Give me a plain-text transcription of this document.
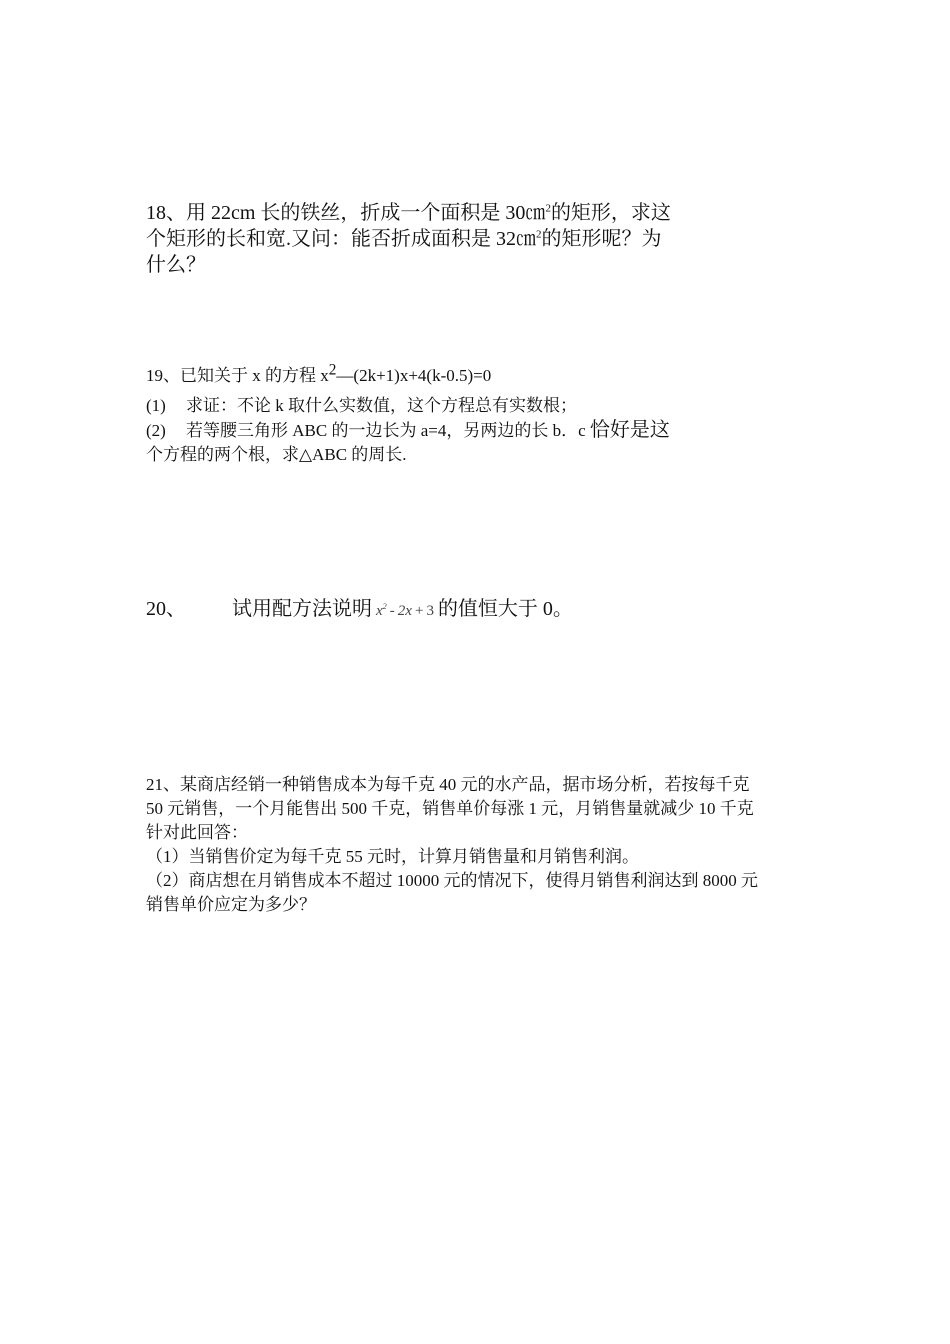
18、用 22cm 长的铁丝，折成一个面积是 30㎝$^2$的矩形，求这
个矩形的长和宽.又问：能否折成面积是 32㎝$^2$的矩形呢？为
什么？
19、已知关于 x 的方程 $x^2—(2k+1)x+4(k-0.5)=0$
(1) 求证：不论 k 取什么实数值，这个方程总有实数根；
(2) 若等腰三角形 ABC 的一边长为 a=4，另两边的长 b．c 恰好是这
个方程的两个根，求△ABC 的周长.
20、 试用配方法说明 $x^2 - 2x + 3$ 的值恒大于 0。
21、某商店经销一种销售成本为每千克 40 元的水产品，据市场分析，若按每千克
50 元销售，一个月能售出 500 千克，销售单价每涨 1 元，月销售量就减少 10 千克
针对此回答：
（1）当销售价定为每千克 55 元时，计算月销售量和月销售利润。
（2）商店想在月销售成本不超过 10000 元的情况下，使得月销售利润达到 8000 元
销售单价应定为多少？
